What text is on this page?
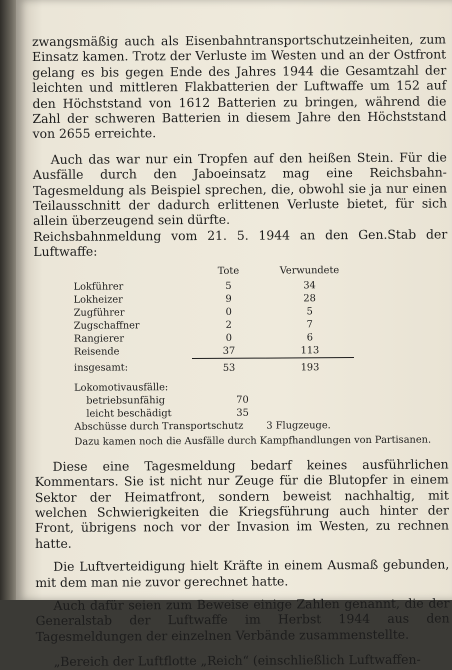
zwangsmäßig auch als Eisenbahntransportschutzeinheiten, zum Einsatz kamen. Trotz der Verluste im Westen und an der Ostfront gelang es bis gegen Ende des Jahres 1944 die Gesamtzahl der leichten und mittleren Flakbatterien der Luftwaffe um 152 auf den Höchststand von 1612 Batterien zu bringen, während die Zahl der schweren Batterien in diesem Jahre den Höchststand von 2655 erreichte.

Auch das war nur ein Tropfen auf den heißen Stein. Für die Ausfälle durch den Jaboeinsatz mag eine Reichsbahn-Tagesmeldung als Beispiel sprechen, die, obwohl sie ja nur einen Teilausschnitt der dadurch erlittenen Verluste bietet, für sich allein überzeugend sein dürfte.

Reichsbahnmeldung vom 21. 5. 1944 an den Gen.Stab der Luftwaffe:

	Tote	Verwundete
Lokführer	5	34
Lokheizer	9	28
Zugführer	0	5
Zugschaffner	2	7
Rangierer	0	6
Reisende	37	113
insgesamt:	53	193
Lokomotivausfälle:
betriebsunfähig	70
leicht beschädigt	35
Abschüsse durch Transportschutz	3 Flugzeuge.
Dazu kamen noch die Ausfälle durch Kampfhandlungen von Partisanen.

Diese eine Tagesmeldung bedarf keines ausführlichen Kommentars. Sie ist nicht nur Zeuge für die Blutopfer in einem Sektor der Heimatfront, sondern beweist nachhaltig, mit welchen Schwierigkeiten die Kriegsführung auch hinter der Front, übrigens noch vor der Invasion im Westen, zu rechnen hatte.

Die Luftverteidigung hielt Kräfte in einem Ausmaß gebunden, mit dem man nie zuvor gerechnet hatte.

Auch dafür seien zum Beweise einige Zahlen genannt, die der Generalstab der Luftwaffe im Herbst 1944 aus den Tagesmeldungen der einzelnen Verbände zusammenstellte.

„Bereich der Luftflotte „Reich“ (einschließlich Luftwaffen-
